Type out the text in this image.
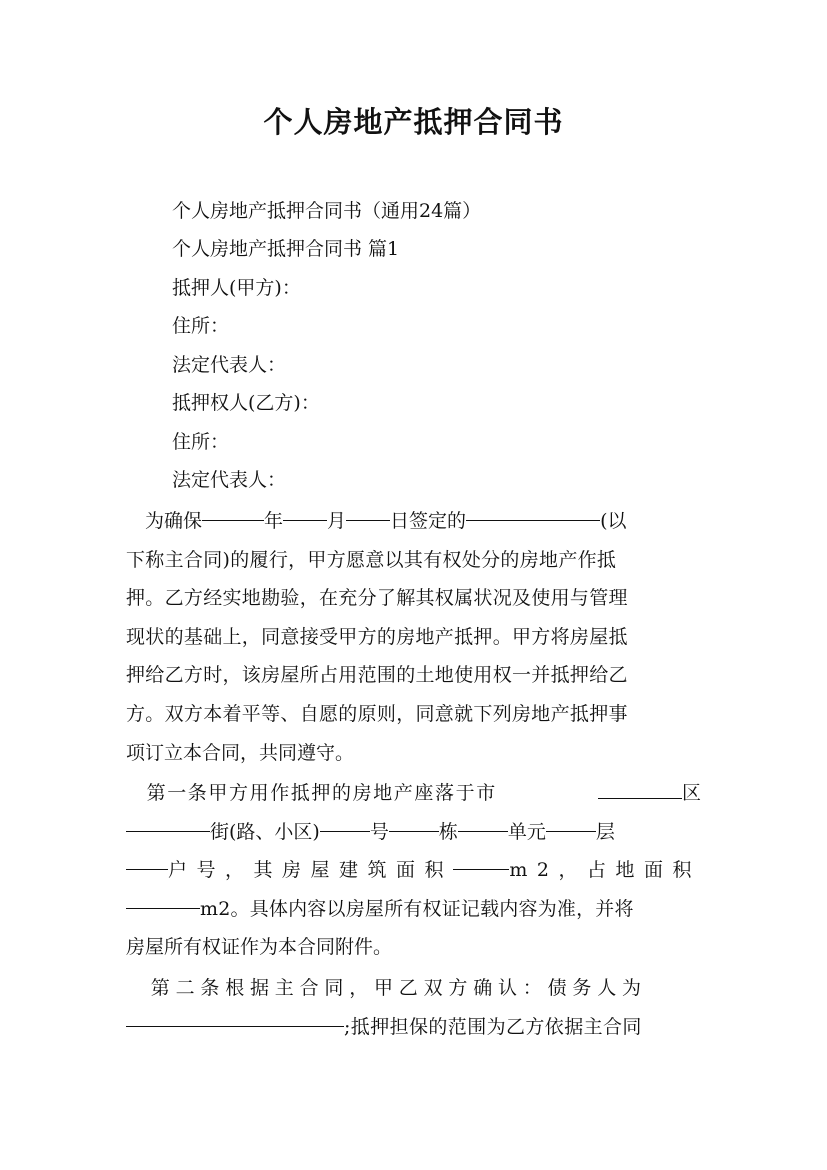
个人房地产抵押合同书
个人房地产抵押合同书（通用24篇）
个人房地产抵押合同书 篇1
抵押人(甲方)：
住所：
法定代表人：
抵押权人(乙方)：
住所：
法定代表人：
　为确保	年 月 日签定的	(以
下称主合同)的履行，甲方愿意以其有权处分的房地产作抵
押。乙方经实地勘验，在充分了解其权属状况及使用与管理
现状的基础上，同意接受甲方的房地产抵押。甲方将房屋抵
押给乙方时，该房屋所占用范围的土地使用权一并抵押给乙
方。双方本着平等、自愿的原则，同意就下列房地产抵押事
项订立本合同，共同遵守。
　第一条甲方用作抵押的房地产座落于市	区
街(路、小区)	号	栋	单元	层
户号，其房屋建筑面积	m2，占地面积
m2。具体内容以房屋所有权证记载内容为准，并将
房屋所有权证作为本合同附件。
　第二条根据主合同，甲乙双方确认：债务人为
;抵押担保的范围为乙方依据主合同
